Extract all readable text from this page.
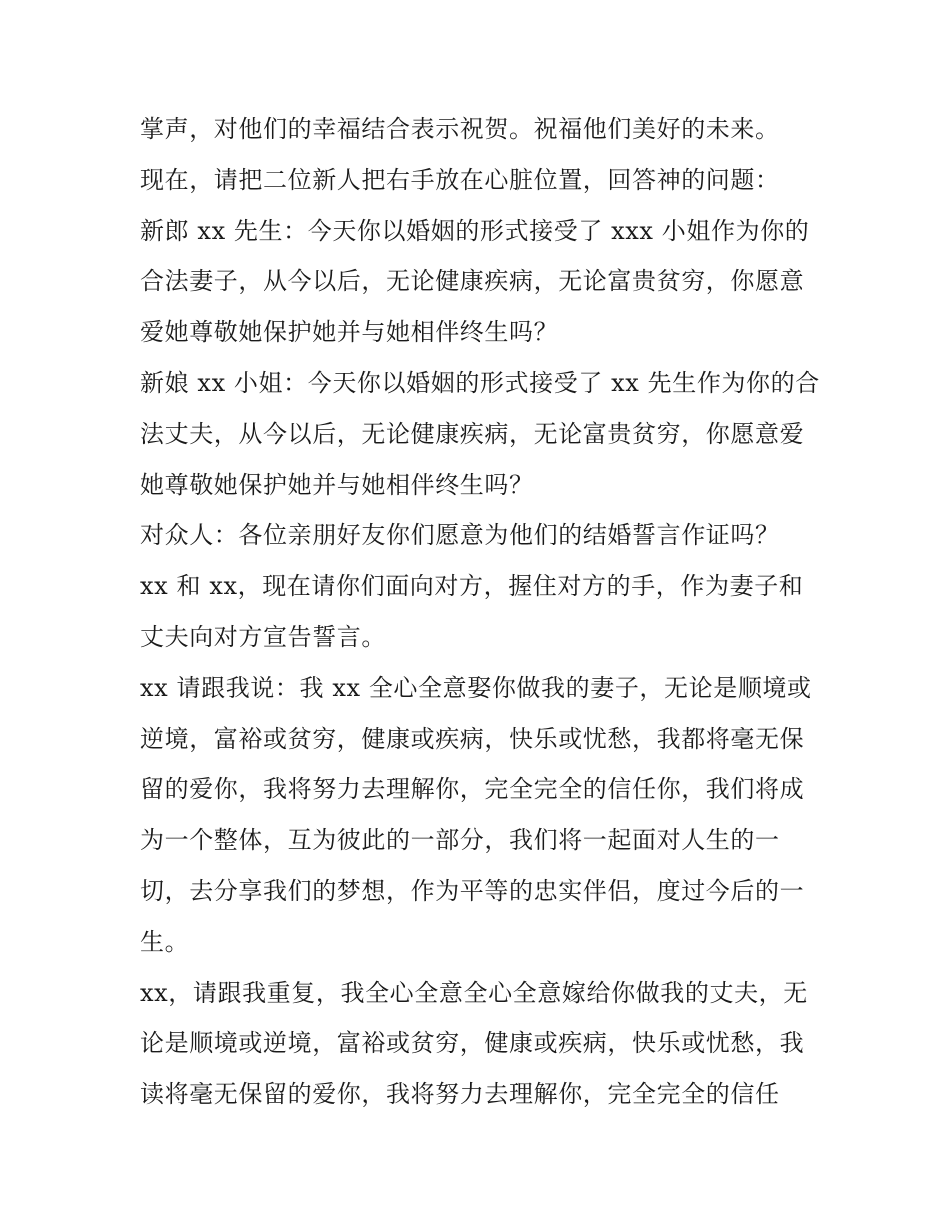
掌声，对他们的幸福结合表示祝贺。祝福他们美好的未来。
现在，请把二位新人把右手放在心脏位置，回答神的问题：
新郎 xx 先生：今天你以婚姻的形式接受了 xxx 小姐作为你的
合法妻子，从今以后，无论健康疾病，无论富贵贫穷，你愿意
爱她尊敬她保护她并与她相伴终生吗？
新娘 xx 小姐：今天你以婚姻的形式接受了 xx 先生作为你的合
法丈夫，从今以后，无论健康疾病，无论富贵贫穷，你愿意爱
她尊敬她保护她并与她相伴终生吗？
对众人：各位亲朋好友你们愿意为他们的结婚誓言作证吗？
xx 和 xx，现在请你们面向对方，握住对方的手，作为妻子和
丈夫向对方宣告誓言。
xx 请跟我说：我 xx 全心全意娶你做我的妻子，无论是顺境或
逆境，富裕或贫穷，健康或疾病，快乐或忧愁，我都将毫无保
留的爱你，我将努力去理解你，完全完全的信任你，我们将成
为一个整体，互为彼此的一部分，我们将一起面对人生的一
切，去分享我们的梦想，作为平等的忠实伴侣，度过今后的一
生。
xx，请跟我重复，我全心全意全心全意嫁给你做我的丈夫，无
论是顺境或逆境，富裕或贫穷，健康或疾病，快乐或忧愁，我
读将毫无保留的爱你，我将努力去理解你，完全完全的信任
